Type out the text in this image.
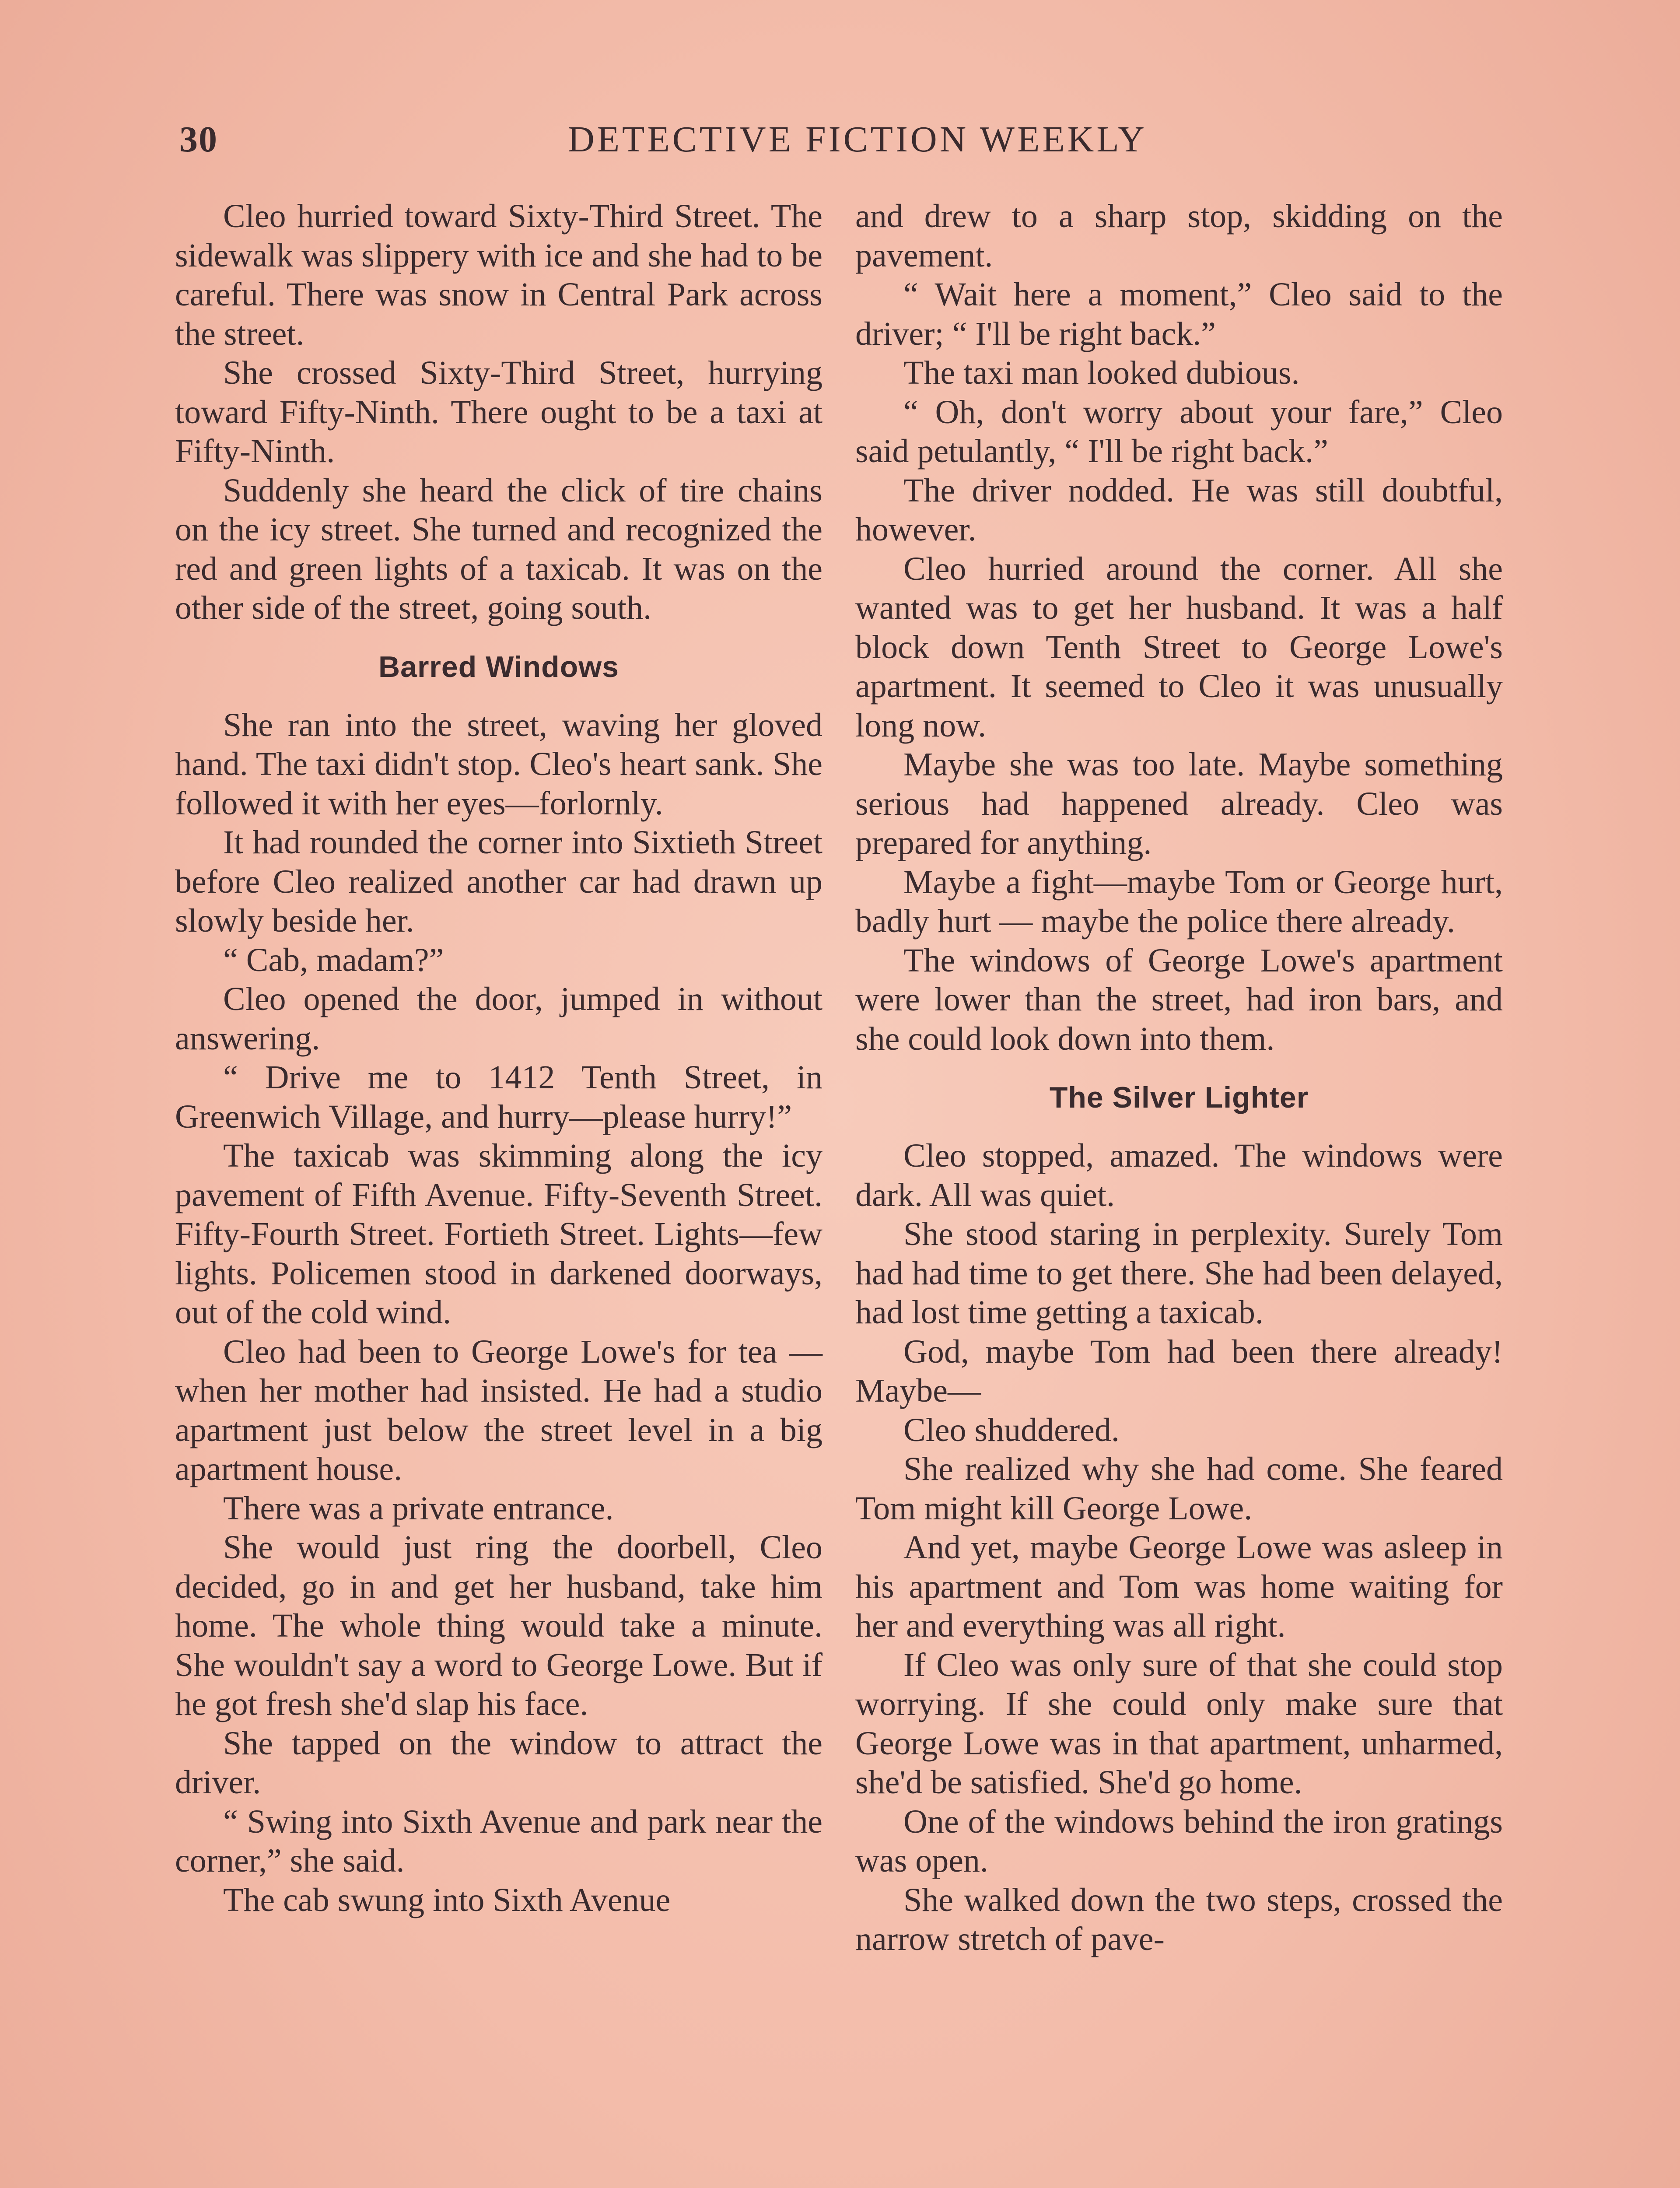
30	DETECTIVE FICTION WEEKLY

Cleo hurried toward Sixty-Third Street. The sidewalk was slippery with ice and she had to be careful. There was snow in Central Park across the street.

She crossed Sixty-Third Street, hurrying toward Fifty-Ninth. There ought to be a taxi at Fifty-Ninth.

Suddenly she heard the click of tire chains on the icy street. She turned and recognized the red and green lights of a taxicab. It was on the other side of the street, going south.

Barred Windows

She ran into the street, waving her gloved hand. The taxi didn't stop. Cleo's heart sank. She followed it with her eyes—forlornly.

It had rounded the corner into Sixtieth Street before Cleo realized another car had drawn up slowly beside her.

“ Cab, madam?”

Cleo opened the door, jumped in without answering.

“ Drive me to 1412 Tenth Street, in Greenwich Village, and hurry—please hurry!”

The taxicab was skimming along the icy pavement of Fifth Avenue. Fifty-Seventh Street. Fifty-Fourth Street. Fortieth Street. Lights—few lights. Policemen stood in darkened doorways, out of the cold wind.

Cleo had been to George Lowe's for tea — when her mother had insisted. He had a studio apartment just below the street level in a big apartment house.

There was a private entrance.

She would just ring the doorbell, Cleo decided, go in and get her husband, take him home. The whole thing would take a minute. She wouldn't say a word to George Lowe. But if he got fresh she'd slap his face.

She tapped on the window to attract the driver.

“ Swing into Sixth Avenue and park near the corner,” she said.

The cab swung into Sixth Avenue

and drew to a sharp stop, skidding on the pavement.

“ Wait here a moment,” Cleo said to the driver; “ I'll be right back.”

The taxi man looked dubious.

“ Oh, don't worry about your fare,” Cleo said petulantly, “ I'll be right back.”

The driver nodded. He was still doubtful, however.

Cleo hurried around the corner. All she wanted was to get her husband. It was a half block down Tenth Street to George Lowe's apartment. It seemed to Cleo it was unusually long now.

Maybe she was too late. Maybe something serious had happened already. Cleo was prepared for anything.

Maybe a fight—maybe Tom or George hurt, badly hurt — maybe the police there already.

The windows of George Lowe's apartment were lower than the street, had iron bars, and she could look down into them.

The Silver Lighter

Cleo stopped, amazed. The windows were dark. All was quiet.

She stood staring in perplexity. Surely Tom had had time to get there. She had been delayed, had lost time getting a taxicab.

God, maybe Tom had been there already! Maybe—

Cleo shuddered.

She realized why she had come. She feared Tom might kill George Lowe.

And yet, maybe George Lowe was asleep in his apartment and Tom was home waiting for her and everything was all right.

If Cleo was only sure of that she could stop worrying. If she could only make sure that George Lowe was in that apartment, unharmed, she'd be satisfied. She'd go home.

One of the windows behind the iron gratings was open.

She walked down the two steps, crossed the narrow stretch of pave-
